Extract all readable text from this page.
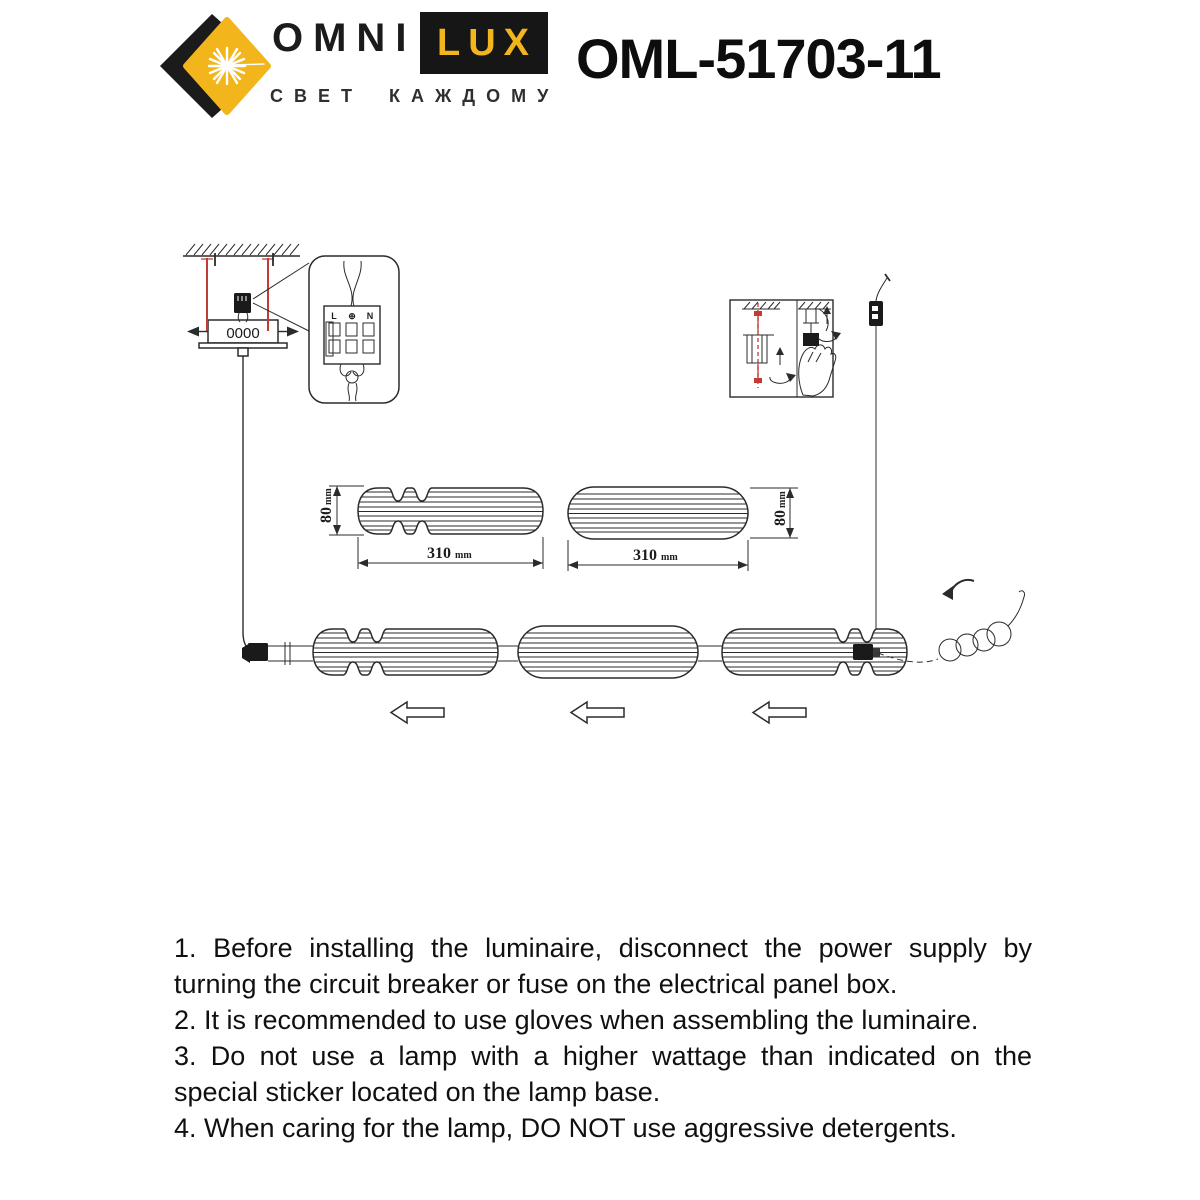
OMNI LUX
СВЕТ КАЖДОМУ
OML-51703-11
0000
L ⊕ N
80
mm
310 mm
80
mm
310 mm

1. Before installing the luminaire, disconnect the power supply by turning the circuit breaker or fuse on the electrical panel box.

2. It is recommended to use gloves when assembling the luminaire.

3. Do not use a lamp with a higher wattage than indicated on the special sticker located on the lamp base.

4. When caring for the lamp, DO NOT use aggressive detergents.
